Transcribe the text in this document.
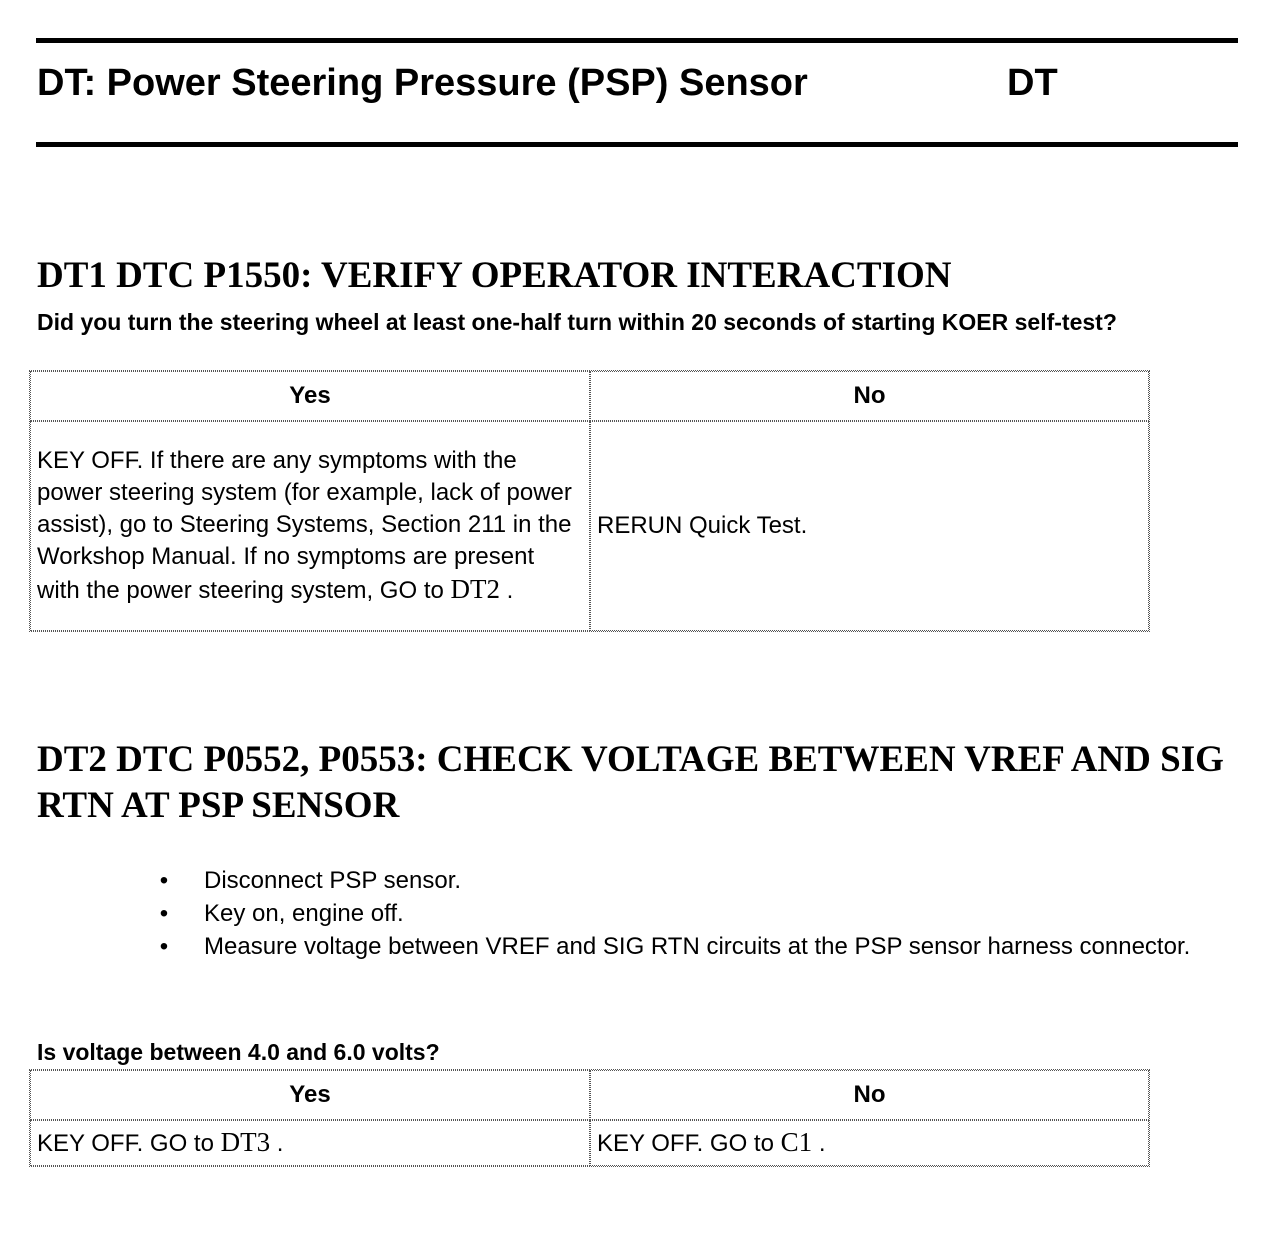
DT: Power Steering Pressure (PSP) Sensor	DT
DT1 DTC P1550: VERIFY OPERATOR INTERACTION
Did you turn the steering wheel at least one-half turn within 20 seconds of starting KOER self-test?
Yes	No
KEY OFF. If there are any symptoms with the power steering system (for example, lack of power assist), go to Steering Systems, Section 211 in the Workshop Manual. If no symptoms are present with the power steering system, GO to DT2 .	RERUN Quick Test.
DT2 DTC P0552, P0553: CHECK VOLTAGE BETWEEN VREF AND SIG RTN AT PSP SENSOR
• Disconnect PSP sensor.
• Key on, engine off.
• Measure voltage between VREF and SIG RTN circuits at the PSP sensor harness connector.
Is voltage between 4.0 and 6.0 volts?
Yes	No
KEY OFF. GO to DT3 .	KEY OFF. GO to C1 .
